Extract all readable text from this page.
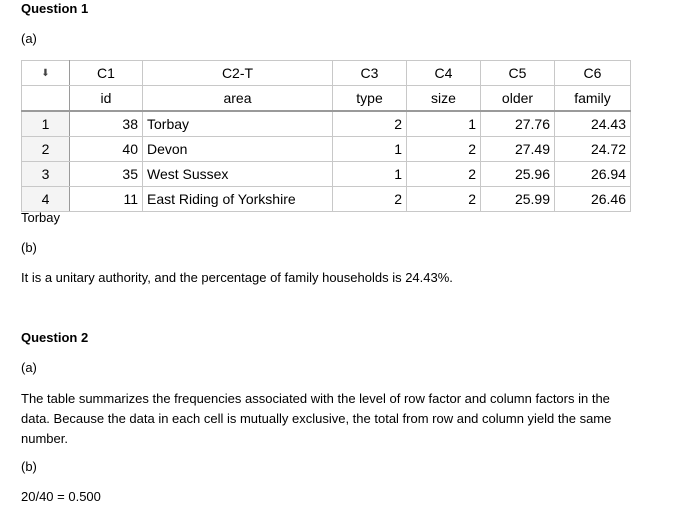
Question 1
(a)
⬇	C1	C2-T	C3	C4	C5	C6
	id	area	type	size	older	family
1	38	Torbay	2	1	27.76	24.43
2	40	Devon	1	2	27.49	24.72
3	35	West Sussex	1	2	25.96	26.94
4	11	East Riding of Yorkshire	2	2	25.99	26.46
Torbay
(b)
It is a unitary authority, and the percentage of family households is 24.43%.
Question 2
(a)
The table summarizes the frequencies associated with the level of row factor and column factors in the data. Because the data in each cell is mutually exclusive, the total from row and column yield the same number.
(b)
20/40 = 0.500
